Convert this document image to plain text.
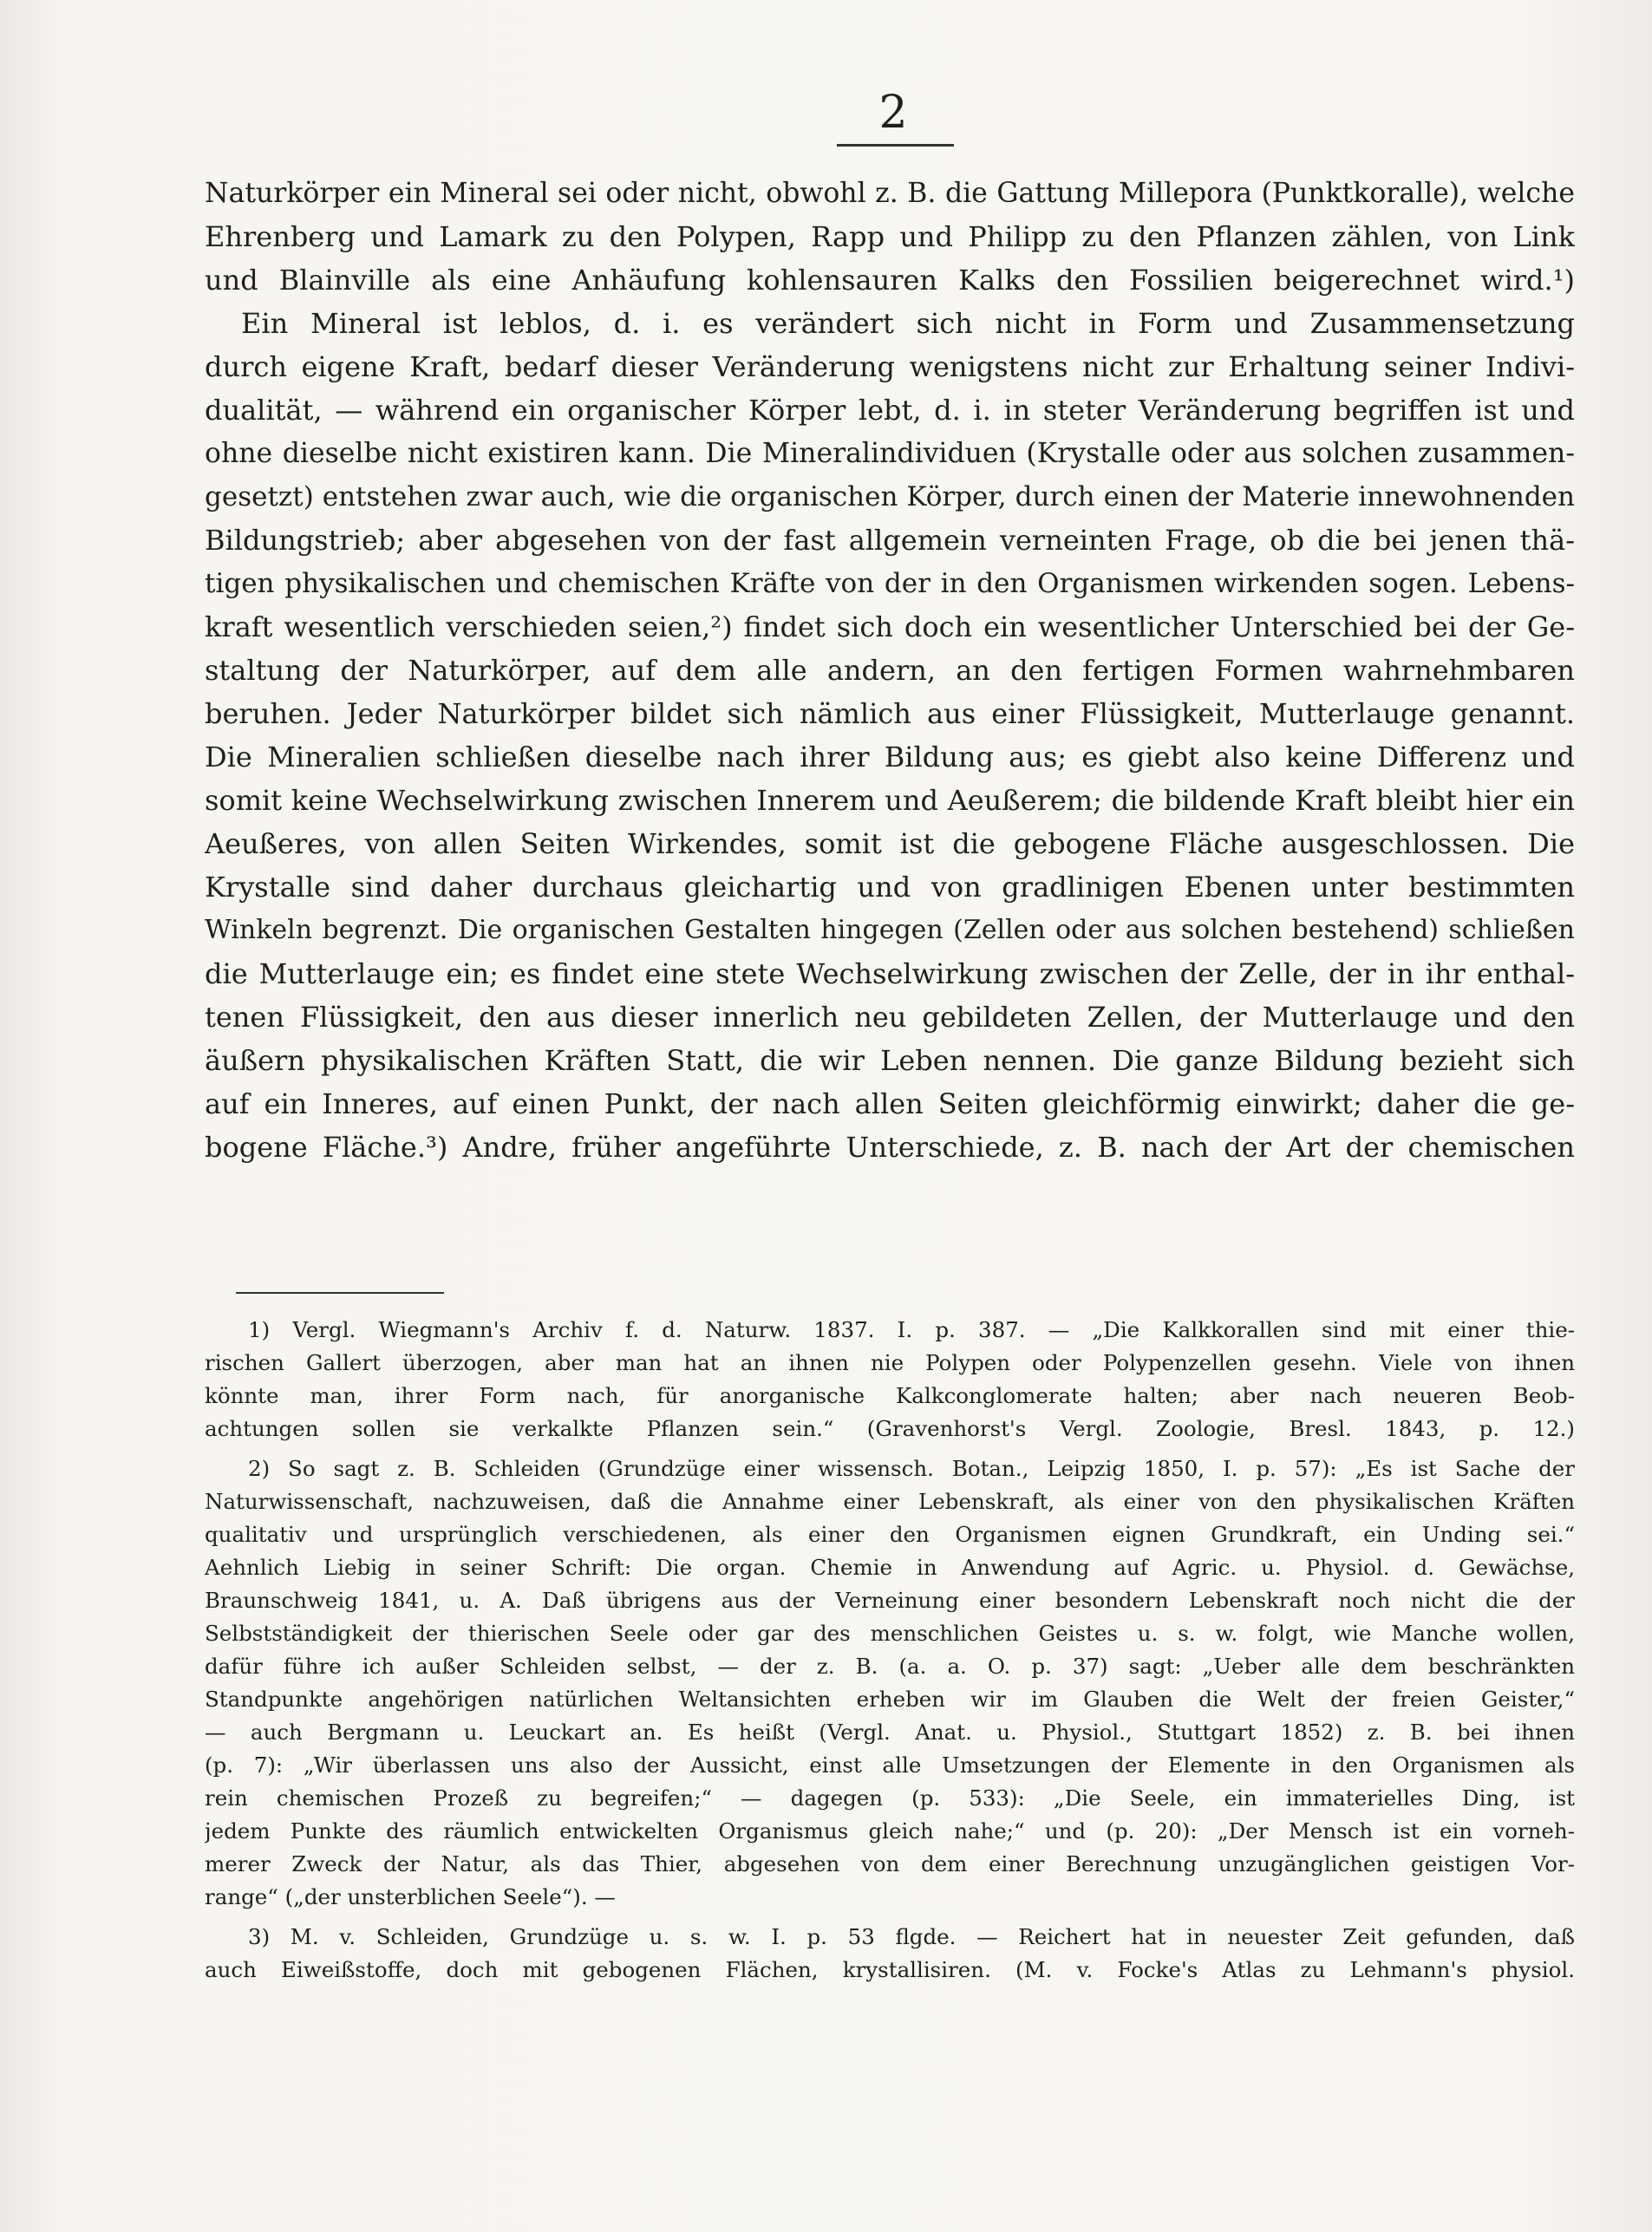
2
Naturkörper ein Mineral sei oder nicht, obwohl z. B. die Gattung Millepora (Punktkoralle), welche
Ehrenberg und Lamark zu den Polypen, Rapp und Philipp zu den Pflanzen zählen, von Link
und Blainville als eine Anhäufung kohlensauren Kalks den Fossilien beigerechnet wird.¹)
Ein Mineral ist leblos, d. i. es verändert sich nicht in Form und Zusammensetzung
durch eigene Kraft, bedarf dieser Veränderung wenigstens nicht zur Erhaltung seiner Indivi-
dualität, — während ein organischer Körper lebt, d. i. in steter Veränderung begriffen ist und
ohne dieselbe nicht existiren kann. Die Mineralindividuen (Krystalle oder aus solchen zusammen-
gesetzt) entstehen zwar auch, wie die organischen Körper, durch einen der Materie innewohnenden
Bildungstrieb; aber abgesehen von der fast allgemein verneinten Frage, ob die bei jenen thä-
tigen physikalischen und chemischen Kräfte von der in den Organismen wirkenden sogen. Lebens-
kraft wesentlich verschieden seien,²) findet sich doch ein wesentlicher Unterschied bei der Ge-
staltung der Naturkörper, auf dem alle andern, an den fertigen Formen wahrnehmbaren
beruhen. Jeder Naturkörper bildet sich nämlich aus einer Flüssigkeit, Mutterlauge genannt.
Die Mineralien schließen dieselbe nach ihrer Bildung aus; es giebt also keine Differenz und
somit keine Wechselwirkung zwischen Innerem und Aeußerem; die bildende Kraft bleibt hier ein
Aeußeres, von allen Seiten Wirkendes, somit ist die gebogene Fläche ausgeschlossen. Die
Krystalle sind daher durchaus gleichartig und von gradlinigen Ebenen unter bestimmten
Winkeln begrenzt. Die organischen Gestalten hingegen (Zellen oder aus solchen bestehend) schließen
die Mutterlauge ein; es findet eine stete Wechselwirkung zwischen der Zelle, der in ihr enthal-
tenen Flüssigkeit, den aus dieser innerlich neu gebildeten Zellen, der Mutterlauge und den
äußern physikalischen Kräften Statt, die wir Leben nennen. Die ganze Bildung bezieht sich
auf ein Inneres, auf einen Punkt, der nach allen Seiten gleichförmig einwirkt; daher die ge-
bogene Fläche.³) Andre, früher angeführte Unterschiede, z. B. nach der Art der chemischen
1) Vergl. Wiegmann's Archiv f. d. Naturw. 1837. I. p. 387. — „Die Kalkkorallen sind mit einer thie-
rischen Gallert überzogen, aber man hat an ihnen nie Polypen oder Polypenzellen gesehn. Viele von ihnen
könnte man, ihrer Form nach, für anorganische Kalkconglomerate halten; aber nach neueren Beob-
achtungen sollen sie verkalkte Pflanzen sein.“ (Gravenhorst's Vergl. Zoologie, Bresl. 1843, p. 12.)
2) So sagt z. B. Schleiden (Grundzüge einer wissensch. Botan., Leipzig 1850, I. p. 57): „Es ist Sache der
Naturwissenschaft, nachzuweisen, daß die Annahme einer Lebenskraft, als einer von den physikalischen Kräften
qualitativ und ursprünglich verschiedenen, als einer den Organismen eignen Grundkraft, ein Unding sei.“
Aehnlich Liebig in seiner Schrift: Die organ. Chemie in Anwendung auf Agric. u. Physiol. d. Gewächse,
Braunschweig 1841, u. A. Daß übrigens aus der Verneinung einer besondern Lebenskraft noch nicht die der
Selbstständigkeit der thierischen Seele oder gar des menschlichen Geistes u. s. w. folgt, wie Manche wollen,
dafür führe ich außer Schleiden selbst, — der z. B. (a. a. O. p. 37) sagt: „Ueber alle dem beschränkten
Standpunkte angehörigen natürlichen Weltansichten erheben wir im Glauben die Welt der freien Geister,“
— auch Bergmann u. Leuckart an. Es heißt (Vergl. Anat. u. Physiol., Stuttgart 1852) z. B. bei ihnen
(p. 7): „Wir überlassen uns also der Aussicht, einst alle Umsetzungen der Elemente in den Organismen als
rein chemischen Prozeß zu begreifen;“ — dagegen (p. 533): „Die Seele, ein immaterielles Ding, ist
jedem Punkte des räumlich entwickelten Organismus gleich nahe;“ und (p. 20): „Der Mensch ist ein vorneh-
merer Zweck der Natur, als das Thier, abgesehen von dem einer Berechnung unzugänglichen geistigen Vor-
range“ („der unsterblichen Seele“). —
3) M. v. Schleiden, Grundzüge u. s. w. I. p. 53 flgde. — Reichert hat in neuester Zeit gefunden, daß
auch Eiweißstoffe, doch mit gebogenen Flächen, krystallisiren. (M. v. Focke's Atlas zu Lehmann's physiol.
